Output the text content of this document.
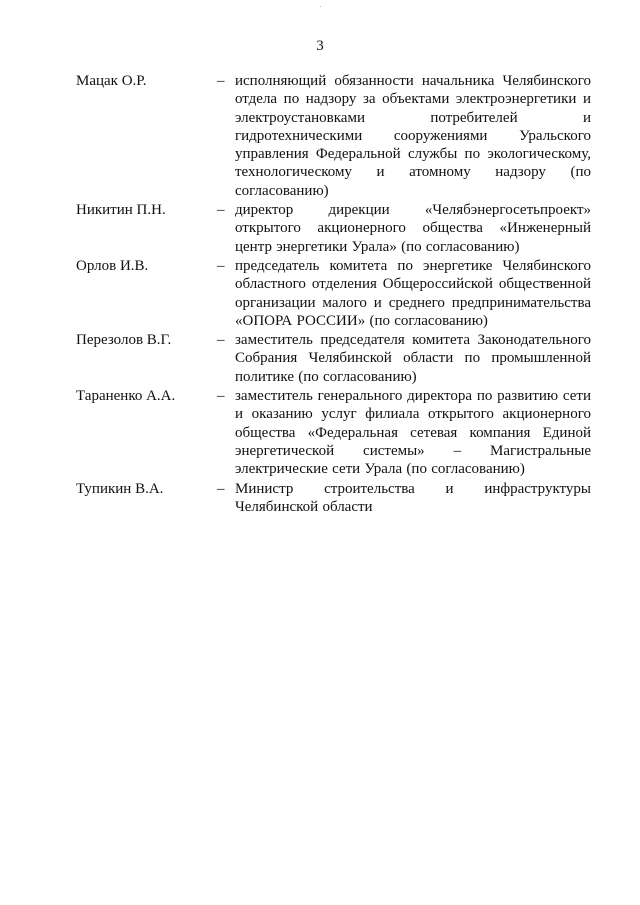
3
Мацак О.Р.	– исполняющий обязанности начальника Челябинского отдела по надзору за объектами электроэнергетики и электроустановками потребителей и гидротехническими сооружениями Уральского управления Федеральной службы по экологическому, технологическому и атомному надзору (по согласованию)
Никитин П.Н.	– директор дирекции «Челябэнергосетьпроект» открытого акционерного общества «Инженерный центр энергетики Урала» (по согласованию)
Орлов И.В.	– председатель комитета по энергетике Челябинского областного отделения Общероссийской общественной организации малого и среднего предпринимательства «ОПОРА РОССИИ» (по согласованию)
Перезолов В.Г.	– заместитель председателя комитета Законодательного Собрания Челябинской области по промышленной политике (по согласованию)
Тараненко А.А.	– заместитель генерального директора по развитию сети и оказанию услуг филиала открытого акционерного общества «Федеральная сетевая компания Единой энергетической системы» – Магистральные электрические сети Урала (по согласованию)
Тупикин В.А.	– Министр строительства и инфраструктуры Челябинской области
